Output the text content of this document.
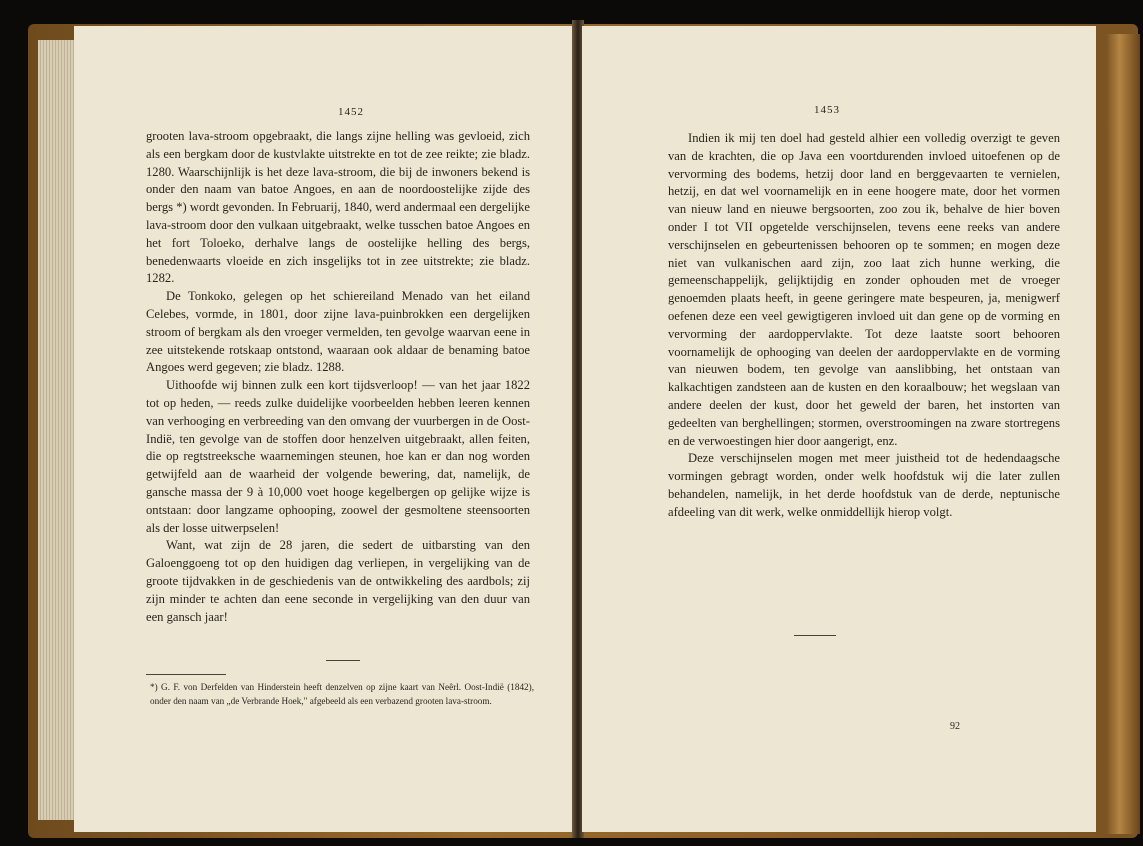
1452

grooten lava-stroom opgebraakt, die langs zijne helling was gevloeid, zich als een bergkam door de kustvlakte uitstrekte en tot de zee reikte; zie bladz. 1280. Waarschijnlijk is het deze lava-stroom, die bij de inwoners bekend is onder den naam van batoe Angoes, en aan de noordoostelijke zijde des bergs *) wordt gevonden. In Februarij, 1840, werd andermaal een dergelijke lava-stroom door den vulkaan uitgebraakt, welke tusschen batoe Angoes en het fort Toloeko, derhalve langs de oostelijke helling des bergs, benedenwaarts vloeide en zich insgelijks tot in zee uitstrekte; zie bladz. 1282.

De Tonkoko, gelegen op het schiereiland Menado van het eiland Celebes, vormde, in 1801, door zijne lava-puinbrokken een dergelijken stroom of bergkam als den vroeger vermelden, ten gevolge waarvan eene in zee uitstekende rotskaap ontstond, waaraan ook aldaar de benaming batoe Angoes werd gegeven; zie bladz. 1288.

Uithoofde wij binnen zulk een kort tijdsverloop! — van het jaar 1822 tot op heden, — reeds zulke duidelijke voorbeelden hebben leeren kennen van verhooging en verbreeding van den omvang der vuurbergen in de Oost-Indië, ten gevolge van de stoffen door henzelven uitgebraakt, allen feiten, die op regtstreeksche waarnemingen steunen, hoe kan er dan nog worden getwijfeld aan de waarheid der volgende bewering, dat, namelijk, de gansche massa der 9 à 10,000 voet hooge kegelbergen op gelijke wijze is ontstaan: door langzame ophooping, zoowel der gesmoltene steensoorten als der losse uitwerpselen!

Want, wat zijn de 28 jaren, die sedert de uitbarsting van den Galoenggoeng tot op den huidigen dag verliepen, in vergelijking van de groote tijdvakken in de geschiedenis van de ontwikkeling des aardbols; zij zijn minder te achten dan eene seconde in vergelijking van den duur van een gansch jaar!

*) G. F. von Derfelden van Hinderstein heeft denzelven op zijne kaart van Neêrl. Oost-Indië (1842), onder den naam van „de Verbrande Hoek," afgebeeld als een verbazend grooten lava-stroom.
1453

Indien ik mij ten doel had gesteld alhier een volledig overzigt te geven van de krachten, die op Java een voortdurenden invloed uitoefenen op de vervorming des bodems, hetzij door land en berggevaarten te vernielen, hetzij, en dat wel voornamelijk en in eene hoogere mate, door het vormen van nieuw land en nieuwe bergsoorten, zoo zou ik, behalve de hier boven onder I tot VII opgetelde verschijnselen, tevens eene reeks van andere verschijnselen en gebeurtenissen behooren op te sommen; en mogen deze niet van vulkanischen aard zijn, zoo laat zich hunne werking, die gemeenschappelijk, gelijktijdig en zonder ophouden met de vroeger genoemden plaats heeft, in geene geringere mate bespeuren, ja, menigwerf oefenen deze een veel gewigtigeren invloed uit dan gene op de vorming en vervorming der aardoppervlakte. Tot deze laatste soort behooren voornamelijk de ophooging van deelen der aardoppervlakte en de vorming van nieuwen bodem, ten gevolge van aanslibbing, het ontstaan van kalkachtigen zandsteen aan de kusten en den koraalbouw; het wegslaan van andere deelen der kust, door het geweld der baren, het instorten van gedeelten van berghellingen; stormen, overstroomingen na zware stortregens en de verwoestingen hier door aangerigt, enz.

Deze verschijnselen mogen met meer juistheid tot de hedendaagsche vormingen gebragt worden, onder welk hoofdstuk wij die later zullen behandelen, namelijk, in het derde hoofdstuk van de derde, neptunische afdeeling van dit werk, welke onmiddellijk hierop volgt.

92
